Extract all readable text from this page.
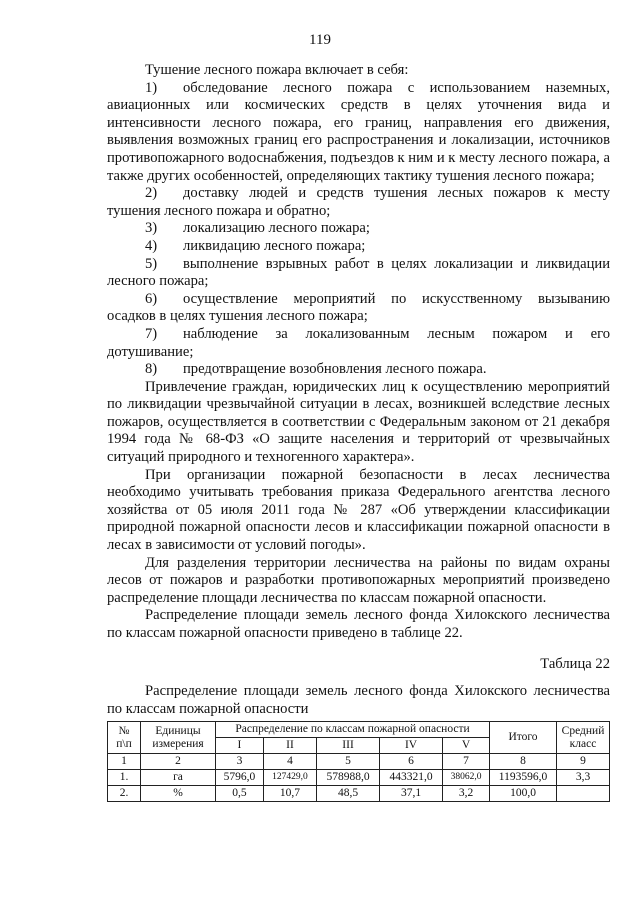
119

Тушение лесного пожара включает в себя:

1) обследование лесного пожара с использованием наземных, авиационных или космических средств в целях уточнения вида и интенсивности лесного пожара, его границ, направления его движения, выявления возможных границ его распространения и локализации, источников противопожарного водоснабжения, подъездов к ним и к месту лесного пожара, а также других особенностей, определяющих тактику тушения лесного пожара;

2) доставку людей и средств тушения лесных пожаров к месту тушения лесного пожара и обратно;

3) локализацию лесного пожара;

4) ликвидацию лесного пожара;

5) выполнение взрывных работ в целях локализации и ликвидации лесного пожара;

6) осуществление мероприятий по искусственному вызыванию осадков в целях тушения лесного пожара;

7) наблюдение за локализованным лесным пожаром и его дотушивание;

8) предотвращение возобновления лесного пожара.

Привлечение граждан, юридических лиц к осуществлению мероприятий по ликвидации чрезвычайной ситуации в лесах, возникшей вследствие лесных пожаров, осуществляется в соответствии с Федеральным законом от 21 декабря 1994 года № 68-ФЗ «О защите населения и территорий от чрезвычайных ситуаций природного и техногенного характера».

При организации пожарной безопасности в лесах лесничества необходимо учитывать требования приказа Федерального агентства лесного хозяйства от 05 июля 2011 года № 287 «Об утверждении классификации природной пожарной опасности лесов и классификации пожарной опасности в лесах в зависимости от условий погоды».

Для разделения территории лесничества на районы по видам охраны лесов от пожаров и разработки противопожарных мероприятий произведено распределение площади лесничества по классам пожарной опасности.

Распределение площади земель лесного фонда Хилокского лесничества по классам пожарной опасности приведено в таблице 22.

Таблица 22
Распределение площади земель лесного фонда Хилокского лесничества по классам пожарной опасности
№ п\п	Единицы измерения	Распределение по классам пожарной опасности					Итого	Средний класс
		I	II	III	IV	V		
1	2	3	4	5	6	7	8	9
1.	га	5796,0	127429,0	578988,0	443321,0	38062,0	1193596,0	3,3
2.	%	0,5	10,7	48,5	37,1	3,2	100,0	
